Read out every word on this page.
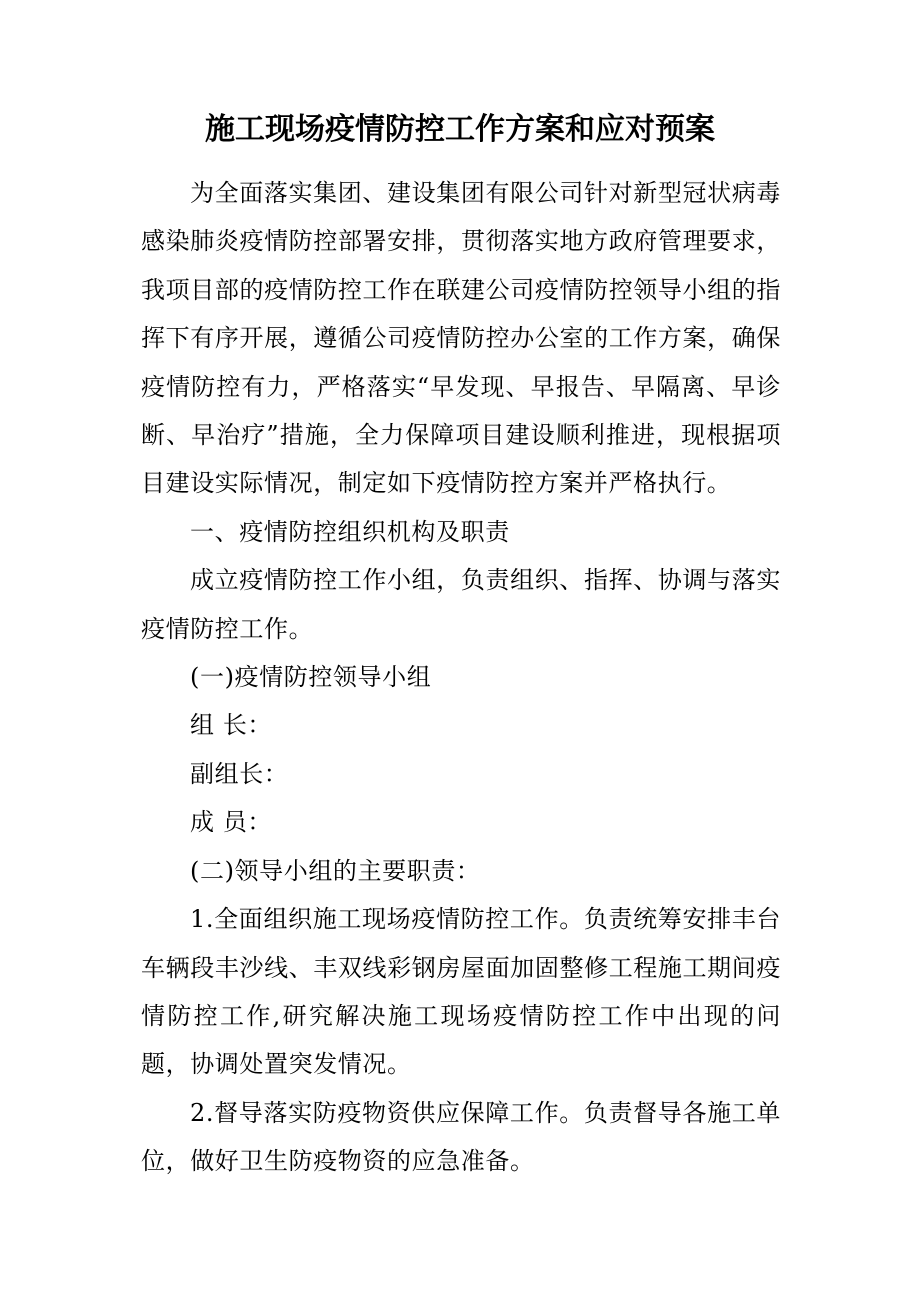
施工现场疫情防控工作方案和应对预案

为全面落实集团、建设集团有限公司针对新型冠状病毒感染肺炎疫情防控部署安排，贯彻落实地方政府管理要求，我项目部的疫情防控工作在联建公司疫情防控领导小组的指挥下有序开展，遵循公司疫情防控办公室的工作方案，确保疫情防控有力，严格落实“早发现、早报告、早隔离、早诊断、早治疗”措施，全力保障项目建设顺利推进，现根据项目建设实际情况，制定如下疫情防控方案并严格执行。

一、疫情防控组织机构及职责

成立疫情防控工作小组，负责组织、指挥、协调与落实疫情防控工作。

(一)疫情防控领导小组

组 长：

副组长：

成 员：

(二)领导小组的主要职责：

1.全面组织施工现场疫情防控工作。负责统筹安排丰台车辆段丰沙线、丰双线彩钢房屋面加固整修工程施工期间疫情防控工作,研究解决施工现场疫情防控工作中出现的问题，协调处置突发情况。

2.督导落实防疫物资供应保障工作。负责督导各施工单位，做好卫生防疫物资的应急准备。
